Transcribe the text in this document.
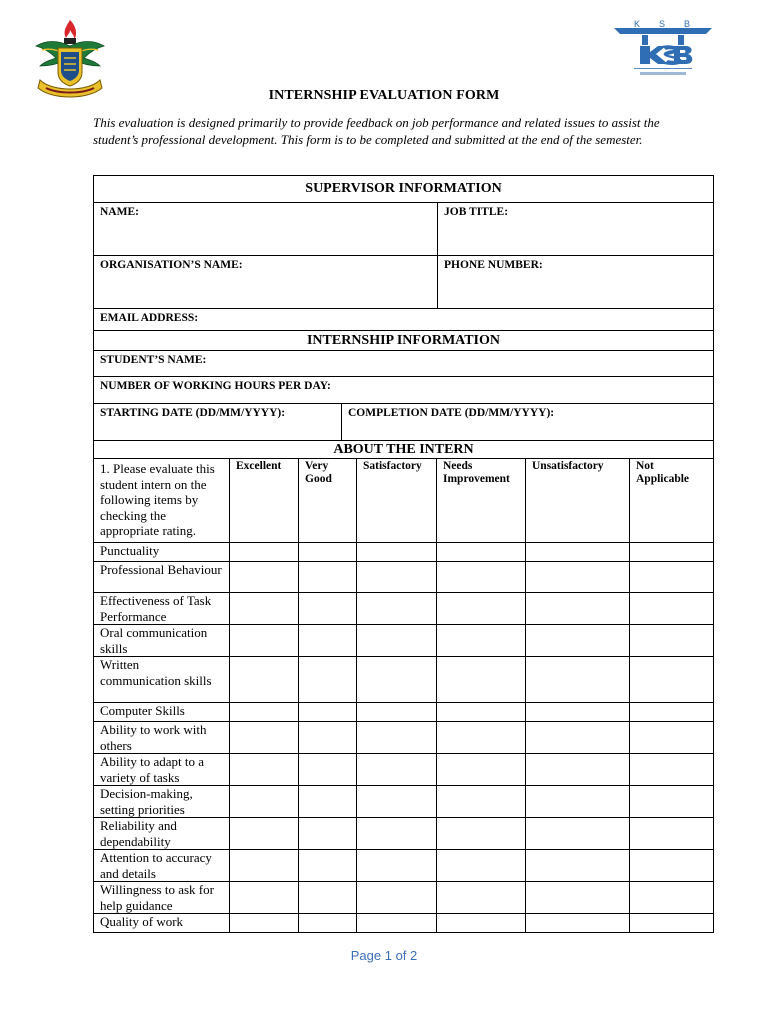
K S B
INTERNSHIP EVALUATION FORM
This evaluation is designed primarily to provide feedback on job performance and related issues to assist the student’s professional development. This form is to be completed and submitted at the end of the semester.
SUPERVISOR INFORMATION		
NAME:		JOB TITLE:
ORGANISATION’S NAME:		PHONE NUMBER:
EMAIL ADDRESS:		
INTERNSHIP INFORMATION		
STUDENT’S NAME:		
NUMBER OF WORKING HOURS PER DAY:		
STARTING DATE (DD/MM/YYYY):	COMPLETION DATE (DD/MM/YYYY):	
ABOUT THE INTERN		
1. Please evaluate this student intern on the following items by checking the appropriate rating.	Excellent	Very Good	Satisfactory	Needs Improvement	Unsatisfactory	Not Applicable
Punctuality						
Professional Behaviour						
Effectiveness of Task Performance						
Oral communication skills						
Written communication skills						
Computer Skills						
Ability to work with others						
Ability to adapt to a variety of tasks						
Decision-making, setting priorities						
Reliability and dependability						
Attention to accuracy and details						
Willingness to ask for help guidance						
Quality of work						
Page 1 of 2
